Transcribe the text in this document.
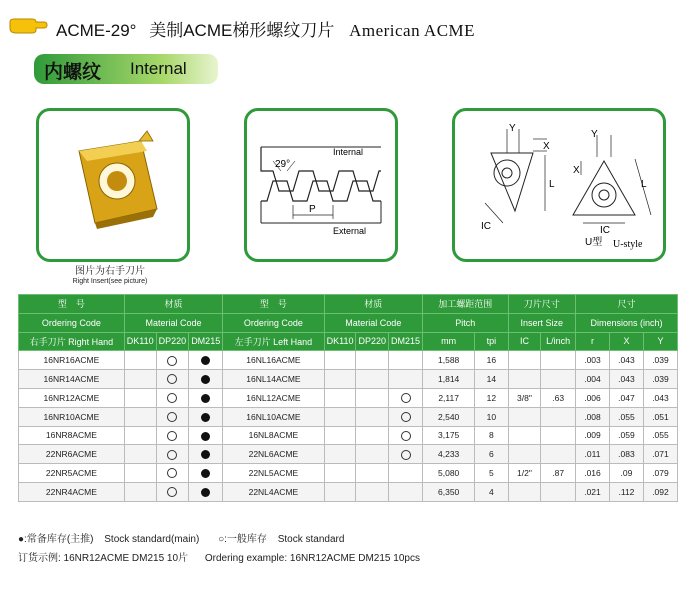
ACME-29° 美制ACME梯形螺纹刀片 American ACME
内螺纹 Internal
图片为右手刀片
Right Insert(see picture)
Internal
External
29°
P
Y
X
L
IC
Y
X
L
IC
U型 U-style
型　号	材质			型　号	材质			加工螺距范围		刀片尺寸		尺寸		
Ordering Code	Material Code			Ordering Code	Material Code			Pitch		Insert Size		Dimensions (inch)		
右手刀片 Right Hand	DK110	DP220	DM215	左手刀片 Left Hand	DK110	DP220	DM215	mm	tpi	IC	L/inch	r	X	Y
16NR16ACME				16NL16ACME				1,588	16			.003	.043	.039
16NR14ACME				16NL14ACME				1,814	14			.004	.043	.039
16NR12ACME				16NL12ACME				2,117	12	3/8"	.63	.006	.047	.043
16NR10ACME				16NL10ACME				2,540	10			.008	.055	.051
16NR8ACME				16NL8ACME				3,175	8			.009	.059	.055
22NR6ACME				22NL6ACME				4,233	6			.011	.083	.071
22NR5ACME				22NL5ACME				5,080	5	1/2"	.87	.016	.09	.079
22NR4ACME				22NL4ACME				6,350	4			.021	.112	.092
●:常备库存(主推) Stock standard(main) ○:一般库存 Stock standard
订货示例: 16NR12ACME DM215 10片 Ordering example: 16NR12ACME DM215 10pcs
